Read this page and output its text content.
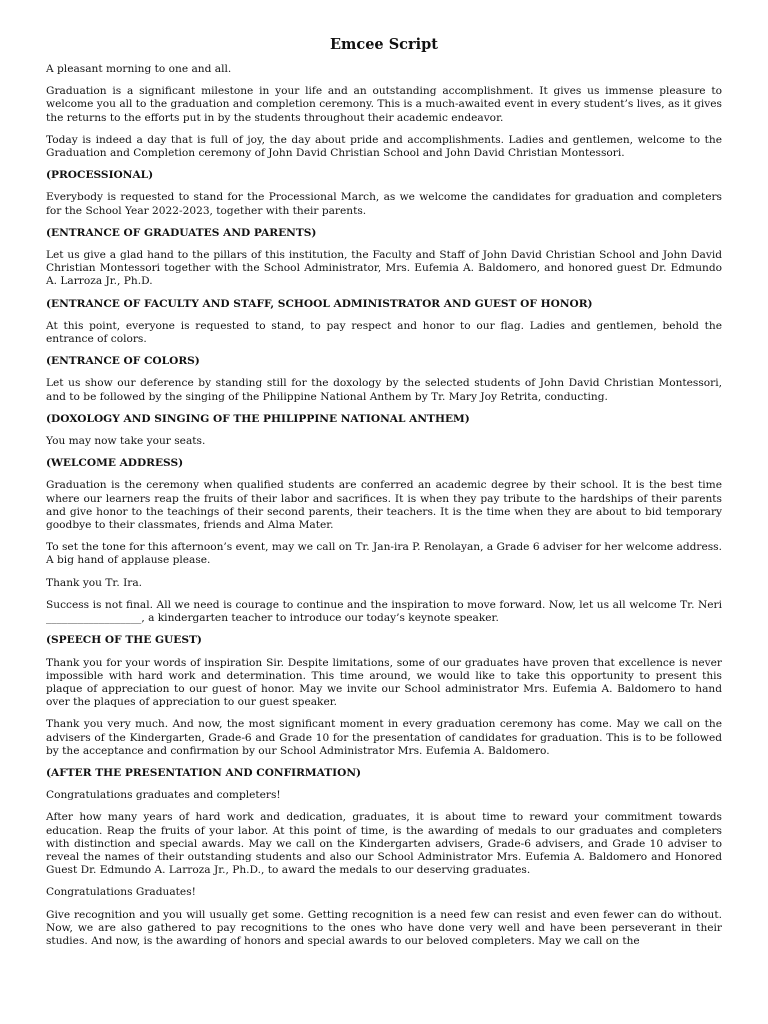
Emcee Script

A pleasant morning to one and all.

Graduation is a significant milestone in your life and an outstanding accomplishment. It gives us immense pleasure to welcome you all to the graduation and completion ceremony. This is a much-awaited event in every student’s lives, as it gives the returns to the efforts put in by the students throughout their academic endeavor.

Today is indeed a day that is full of joy, the day about pride and accomplishments. Ladies and gentlemen, welcome to the Graduation and Completion ceremony of John David Christian School and John David Christian Montessori.

(PROCESSIONAL)

Everybody is requested to stand for the Processional March, as we welcome the candidates for graduation and completers for the School Year 2022-2023, together with their parents.

(ENTRANCE OF GRADUATES AND PARENTS)

Let us give a glad hand to the pillars of this institution, the Faculty and Staff of John David Christian School and John David Christian Montessori together with the School Administrator, Mrs. Eufemia A. Baldomero, and honored guest Dr. Edmundo A. Larroza Jr., Ph.D.

(ENTRANCE OF FACULTY AND STAFF, SCHOOL ADMINISTRATOR AND GUEST OF HONOR)

At this point, everyone is requested to stand, to pay respect and honor to our flag. Ladies and gentlemen, behold the entrance of colors.

(ENTRANCE OF COLORS)

Let us show our deference by standing still for the doxology by the selected students of John David Christian Montessori, and to be followed by the singing of the Philippine National Anthem by Tr. Mary Joy Retrita, conducting.

(DOXOLOGY AND SINGING OF THE PHILIPPINE NATIONAL ANTHEM)

You may now take your seats.

(WELCOME ADDRESS)

Graduation is the ceremony when qualified students are conferred an academic degree by their school. It is the best time where our learners reap the fruits of their labor and sacrifices. It is when they pay tribute to the hardships of their parents and give honor to the teachings of their second parents, their teachers. It is the time when they are about to bid temporary goodbye to their classmates, friends and Alma Mater.

To set the tone for this afternoon’s event, may we call on Tr. Jan-ira P. Renolayan, a Grade 6 adviser for her welcome address. A big hand of applause please.

Thank you Tr. Ira.

Success is not final. All we need is courage to continue and the inspiration to move forward. Now, let us all welcome Tr. Neri __________________, a kindergarten teacher to introduce our today’s keynote speaker.

(SPEECH OF THE GUEST)

Thank you for your words of inspiration Sir. Despite limitations, some of our graduates have proven that excellence is never impossible with hard work and determination. This time around, we would like to take this opportunity to present this plaque of appreciation to our guest of honor. May we invite our School administrator Mrs. Eufemia A. Baldomero to hand over the plaques of appreciation to our guest speaker.

Thank you very much. And now, the most significant moment in every graduation ceremony has come. May we call on the advisers of the Kindergarten, Grade-6 and Grade 10 for the presentation of candidates for graduation. This is to be followed by the acceptance and confirmation by our School Administrator Mrs. Eufemia A. Baldomero.

(AFTER THE PRESENTATION AND CONFIRMATION)

Congratulations graduates and completers!

After how many years of hard work and dedication, graduates, it is about time to reward your commitment towards education. Reap the fruits of your labor. At this point of time, is the awarding of medals to our graduates and completers with distinction and special awards. May we call on the Kindergarten advisers, Grade-6 advisers, and Grade 10 adviser to reveal the names of their outstanding students and also our School Administrator Mrs. Eufemia A. Baldomero and Honored Guest Dr. Edmundo A. Larroza Jr., Ph.D., to award the medals to our deserving graduates.

Congratulations Graduates!

Give recognition and you will usually get some. Getting recognition is a need few can resist and even fewer can do without. Now, we are also gathered to pay recognitions to the ones who have done very well and have been perseverant in their studies. And now, is the awarding of honors and special awards to our beloved completers. May we call on the
